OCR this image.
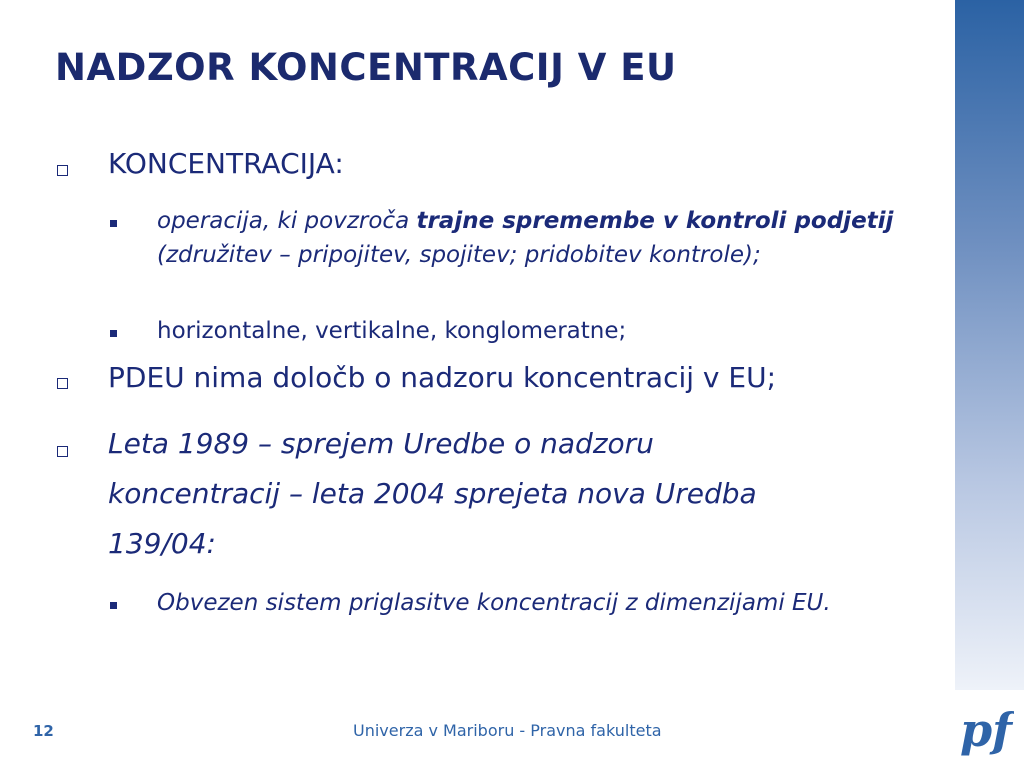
NADZOR KONCENTRACIJ V EU
KONCENTRACIJA:
operacija, ki povzroča trajne spremembe v kontroli podjetij (združitev – pripojitev, spojitev; pridobitev kontrole);
horizontalne, vertikalne, konglomeratne;
PDEU nima določb o nadzoru koncentracij v EU;
Leta 1989 – sprejem Uredbe o nadzoru
koncentracij – leta 2004 sprejeta nova Uredba
139/04:
Obvezen sistem priglasitve koncentracij z dimenzijami EU.
12	Univerza v Mariboru - Pravna fakulteta	pf
